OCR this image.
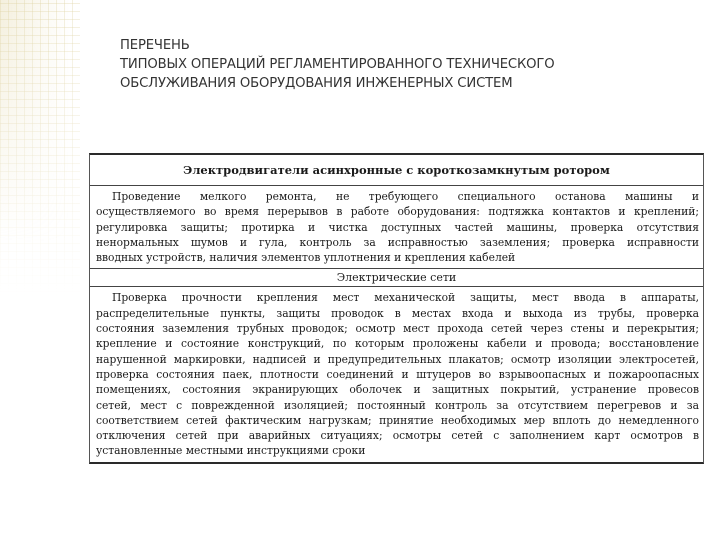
ПЕРЕЧЕНЬ
ТИПОВЫХ ОПЕРАЦИЙ РЕГЛАМЕНТИРОВАННОГО ТЕХНИЧЕСКОГО
ОБСЛУЖИВАНИЯ ОБОРУДОВАНИЯ ИНЖЕНЕРНЫХ СИСТЕМ
Электродвигатели асинхронные с короткозамкнутым ротором
Проведение мелкого ремонта, не требующего специального останова машины и
осуществляемого во время перерывов в работе оборудования: подтяжка контактов и креплений;
регулировка защиты; протирка и чистка доступных частей машины, проверка отсутствия
ненормальных шумов и гула, контроль за исправностью заземления; проверка исправности
вводных устройств, наличия элементов уплотнения и крепления кабелей
Электрические сети
Проверка прочности крепления мест механической защиты, мест ввода в аппараты,
распределительные пункты, защиты проводок в местах входа и выхода из трубы, проверка
состояния заземления трубных проводок; осмотр мест прохода сетей через стены и перекрытия;
крепление и состояние конструкций, по которым проложены кабели и провода; восстановление
нарушенной маркировки, надписей и предупредительных плакатов; осмотр изоляции электросетей,
проверка состояния паек, плотности соединений и штуцеров во взрывоопасных и пожароопасных
помещениях, состояния экранирующих оболочек и защитных покрытий, устранение провесов
сетей, мест с поврежденной изоляцией; постоянный контроль за отсутствием перегревов и за
соответствием сетей фактическим нагрузкам; принятие необходимых мер вплоть до немедленного
отключения сетей при аварийных ситуациях; осмотры сетей с заполнением карт осмотров в
установленные местными инструкциями сроки
